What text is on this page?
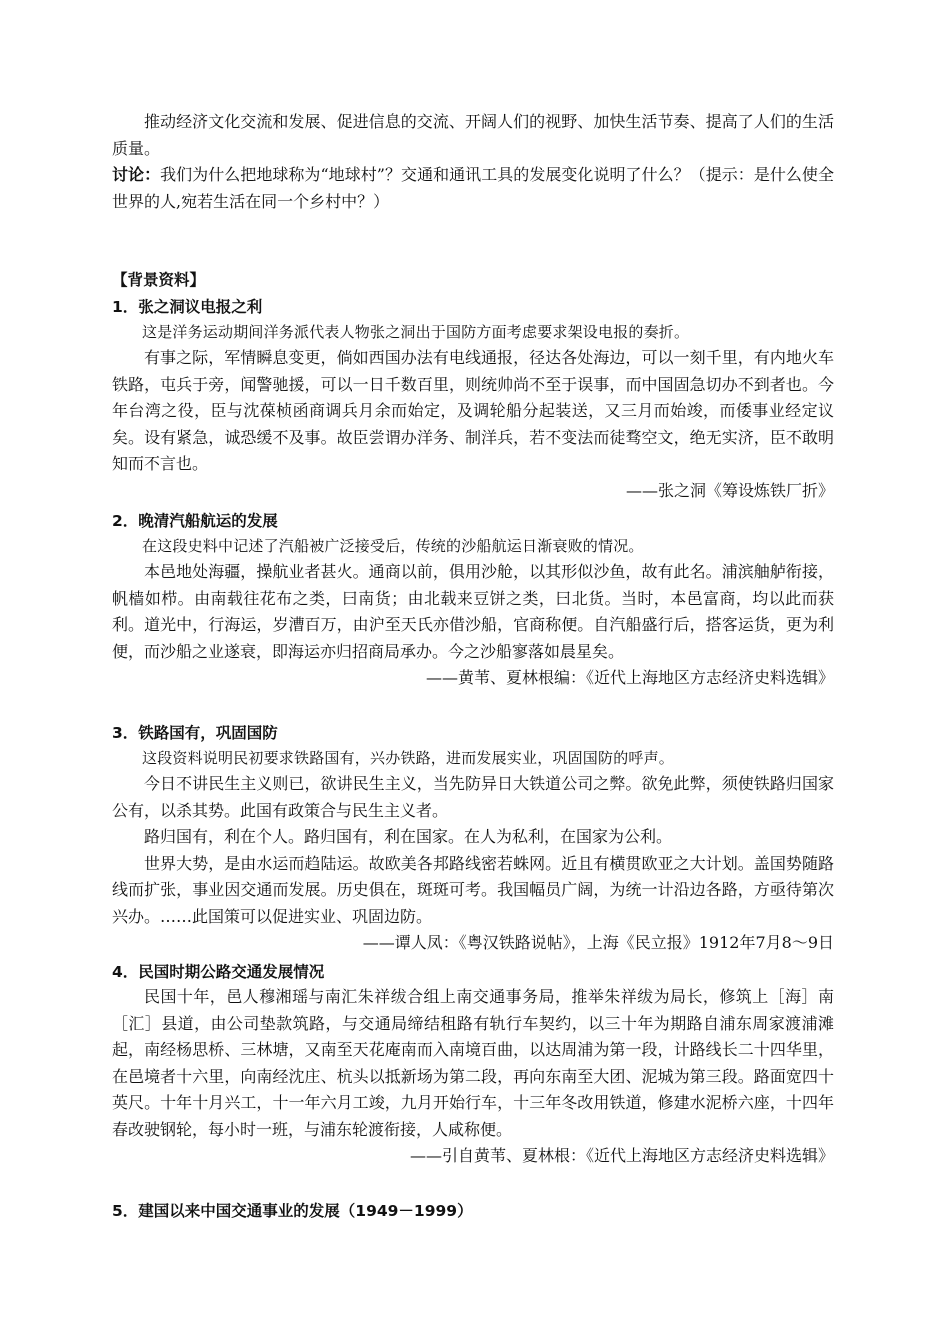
推动经济文化交流和发展、促进信息的交流、开阔人们的视野、加快生活节奏、提高了人们的生活质量。

讨论：我们为什么把地球称为“地球村”？交通和通讯工具的发展变化说明了什么？（提示：是什么使全世界的人,宛若生活在同一个乡村中？）

【背景资料】

1．张之洞议电报之利

这是洋务运动期间洋务派代表人物张之洞出于国防方面考虑要求架设电报的奏折。

有事之际，军情瞬息变更，倘如西国办法有电线通报，径达各处海边，可以一刻千里，有内地火车铁路，屯兵于旁，闻警驰援，可以一日千数百里，则统帅尚不至于误事，而中国固急切办不到者也。今年台湾之役，臣与沈葆桢函商调兵月余而始定，及调轮船分起装送，又三月而始竣，而倭事业经定议矣。设有紧急，诚恐缓不及事。故臣尝谓办洋务、制洋兵，若不变法而徒骛空文，绝无实济，臣不敢明知而不言也。

——张之洞《筹设炼铁厂折》

2．晚清汽船航运的发展

在这段史料中记述了汽船被广泛接受后，传统的沙船航运日渐衰败的情况。

本邑地处海疆，操航业者甚火。通商以前，俱用沙舱，以其形似沙鱼，故有此名。浦滨舳舻衔接，帆樯如栉。由南载往花布之类，曰南货；由北载来豆饼之类，曰北货。当时，本邑富商，均以此而获利。道光中，行海运，岁漕百万，由沪至天氏亦借沙船，官商称便。自汽船盛行后，搭客运货，更为利便，而沙船之业遂衰，即海运亦归招商局承办。今之沙船寥落如晨星矣。

——黄苇、夏林根编：《近代上海地区方志经济史料选辑》

3．铁路国有，巩固国防

这段资料说明民初要求铁路国有，兴办铁路，进而发展实业，巩固国防的呼声。

今日不讲民生主义则已，欲讲民生主义，当先防异日大铁道公司之弊。欲免此弊，须使铁路归国家公有，以杀其势。此国有政策合与民生主义者。

路归国有，利在个人。路归国有，利在国家。在人为私利，在国家为公利。

世界大势，是由水运而趋陆运。故欧美各邦路线密若蛛网。近且有横贯欧亚之大计划。盖国势随路线而扩张，事业因交通而发展。历史俱在，斑斑可考。我国幅员广阔，为统一计沿边各路，方亟待第次兴办。……此国策可以促进实业、巩固边防。

——谭人凤：《粤汉铁路说帖》，上海《民立报》1912年7月8～9日

4．民国时期公路交通发展情况

民国十年，邑人穆湘瑶与南汇朱祥绂合组上南交通事务局，推举朱祥绂为局长，修筑上［海］南［汇］县道，由公司垫款筑路，与交通局缔结租路有轨行车契约，以三十年为期路自浦东周家渡浦滩起，南经杨思桥、三林塘，又南至天花庵南而入南境百曲，以达周浦为第一段，计路线长二十四华里，在邑境者十六里，向南经沈庄、杭头以抵新场为第二段，再向东南至大团、泥城为第三段。路面宽四十英尺。十年十月兴工，十一年六月工竣，九月开始行车，十三年冬改用铁道，修建水泥桥六座，十四年春改驶钢轮，每小时一班，与浦东轮渡衔接，人咸称便。

——引自黄苇、夏林根：《近代上海地区方志经济史料选辑》

5．建国以来中国交通事业的发展（1949－1999）
